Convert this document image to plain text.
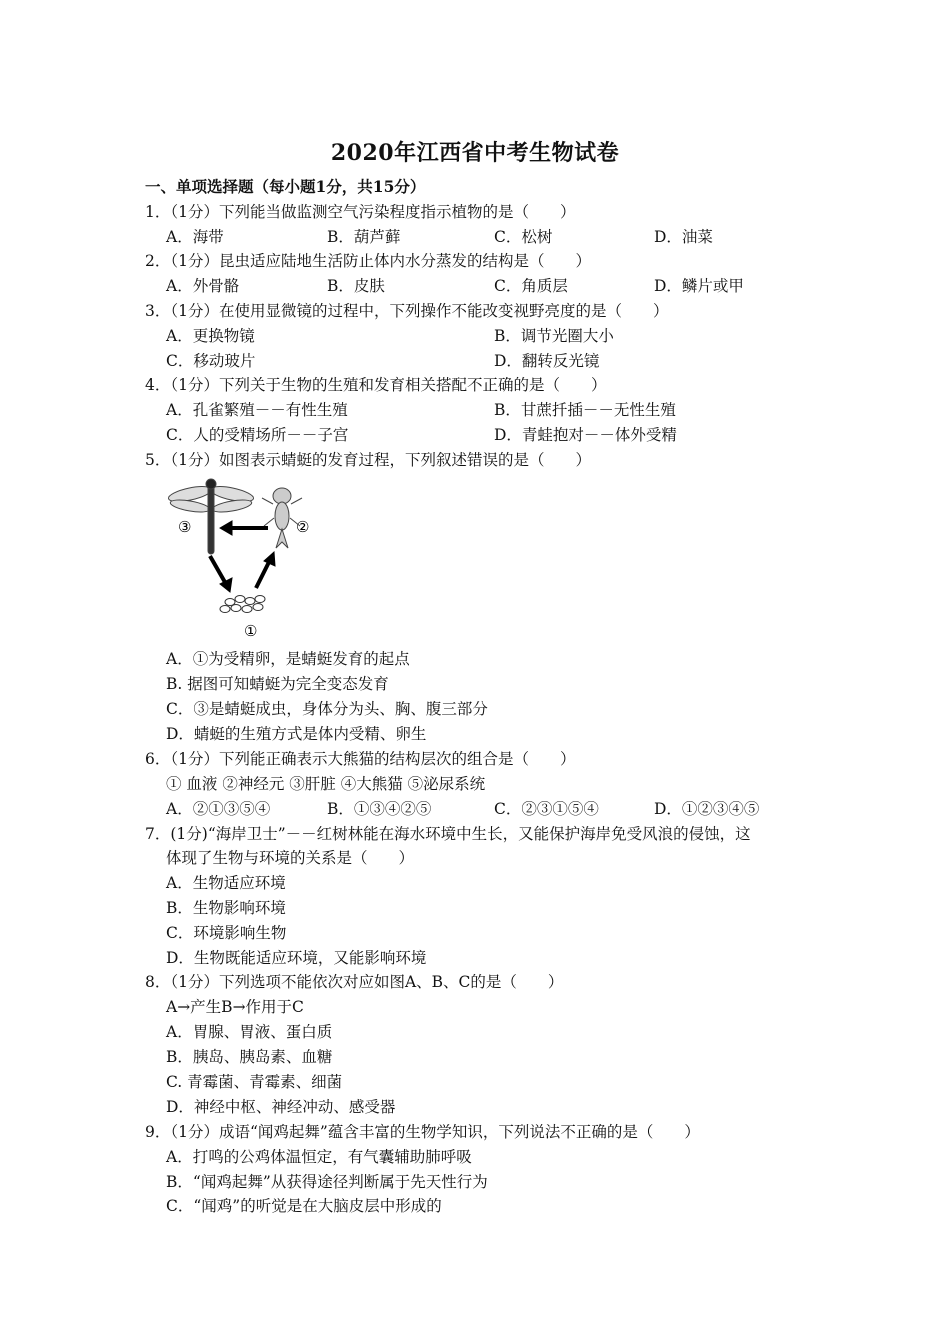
2020年江西省中考生物试卷
一、单项选择题（每小题1分，共15分）
1．（1分）下列能当做监测空气污染程度指示植物的是（　　）
A．海带	B．葫芦藓	C．松树	D．油菜
2．（1分）昆虫适应陆地生活防止体内水分蒸发的结构是（　　）
A．外骨骼	B．皮肤	C．角质层	D．鳞片或甲
3．（1分）在使用显微镜的过程中，下列操作不能改变视野亮度的是（　　）
A．更换物镜	B．调节光圈大小
C．移动玻片	D．翻转反光镜
4．（1分）下列关于生物的生殖和发育相关搭配不正确的是（　　）
A．孔雀繁殖－－有性生殖	B．甘蔗扦插－－无性生殖
C．人的受精场所－－子宫	D．青蛙抱对－－体外受精
5．（1分）如图表示蜻蜓的发育过程，下列叙述错误的是（　　）
③	②
①
A．①为受精卵，是蜻蜓发育的起点
B. 据图可知蜻蜓为完全变态发育
C．③是蜻蜓成虫，身体分为头、胸、腹三部分
D．蜻蜓的生殖方式是体内受精、卵生
6．（1分）下列能正确表示大熊猫的结构层次的组合是（　　）
① 血液 ②神经元 ③肝脏 ④大熊猫 ⑤泌尿系统
A．②①③⑤④	B．①③④②⑤	C．②③①⑤④	D．①②③④⑤
7．(1分)“海岸卫士”－－红树林能在海水环境中生长，又能保护海岸免受风浪的侵蚀，这
体现了生物与环境的关系是（　　）
A．生物适应环境
B．生物影响环境
C．环境影响生物
D．生物既能适应环境，又能影响环境
8．（1分）下列选项不能依次对应如图A、B、C的是（　　）
A→产生B→作用于C
A．胃腺、胃液、蛋白质
B．胰岛、胰岛素、血糖
C. 青霉菌、青霉素、细菌
D．神经中枢、神经冲动、感受器
9．（1分）成语“闻鸡起舞”蕴含丰富的生物学知识，下列说法不正确的是（　　）
A．打鸣的公鸡体温恒定，有气囊辅助肺呼吸
B．“闻鸡起舞”从获得途径判断属于先天性行为
C．“闻鸡”的听觉是在大脑皮层中形成的
